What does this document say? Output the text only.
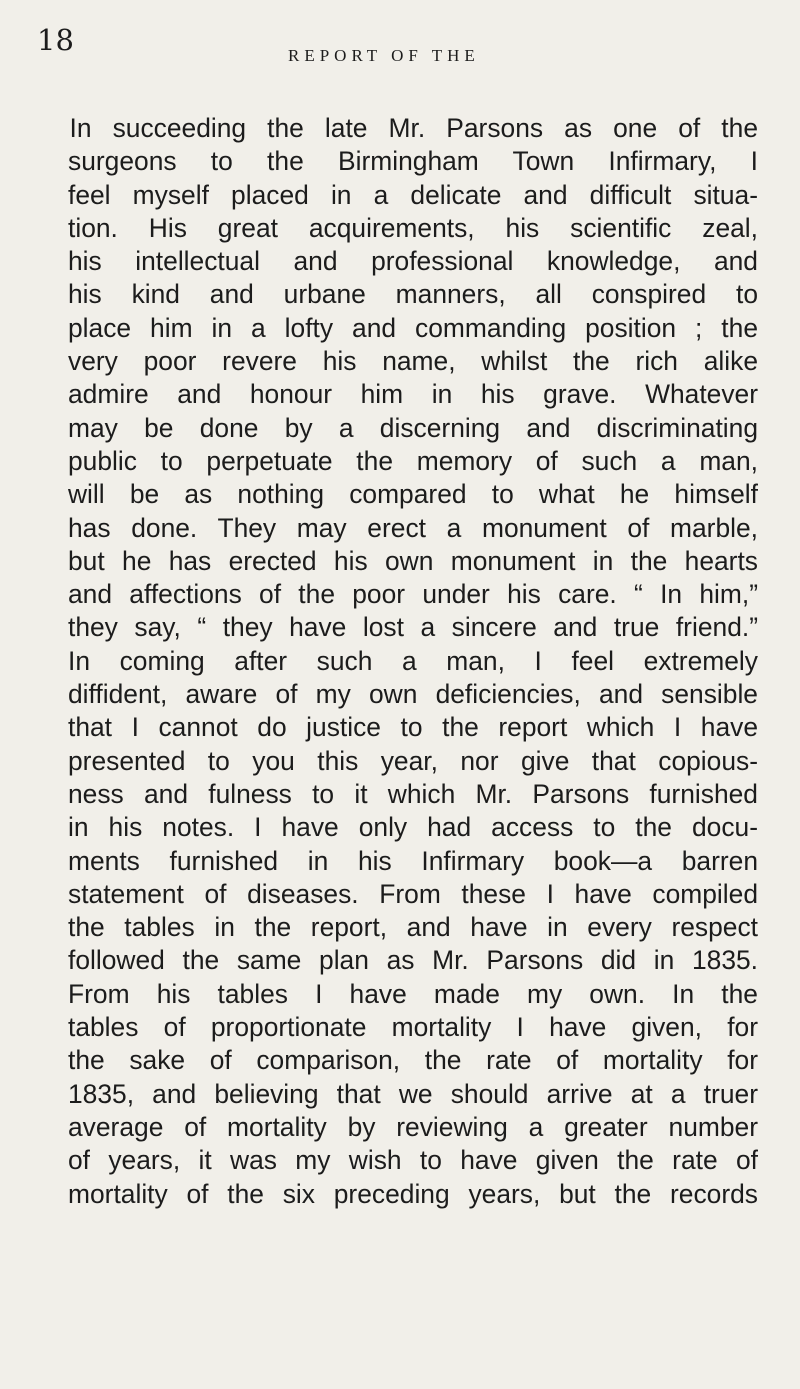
18	REPORT OF THE
In succeeding the late Mr. Parsons as one of the
surgeons to the Birmingham Town Infirmary, I
feel myself placed in a delicate and difficult situa-
tion. His great acquirements, his scientific zeal,
his intellectual and professional knowledge, and
his kind and urbane manners, all conspired to
place him in a lofty and commanding position ; the
very poor revere his name, whilst the rich alike
admire and honour him in his grave. Whatever
may be done by a discerning and discriminating
public to perpetuate the memory of such a man,
will be as nothing compared to what he himself
has done. They may erect a monument of marble,
but he has erected his own monument in the hearts
and affections of the poor under his care. “ In him,”
they say, “ they have lost a sincere and true friend.”
In coming after such a man, I feel extremely
diffident, aware of my own deficiencies, and sensible
that I cannot do justice to the report which I have
presented to you this year, nor give that copious-
ness and fulness to it which Mr. Parsons furnished
in his notes. I have only had access to the docu-
ments furnished in his Infirmary book—a barren
statement of diseases. From these I have compiled
the tables in the report, and have in every respect
followed the same plan as Mr. Parsons did in 1835.
From his tables I have made my own. In the
tables of proportionate mortality I have given, for
the sake of comparison, the rate of mortality for
1835, and believing that we should arrive at a truer
average of mortality by reviewing a greater number
of years, it was my wish to have given the rate of
mortality of the six preceding years, but the records
